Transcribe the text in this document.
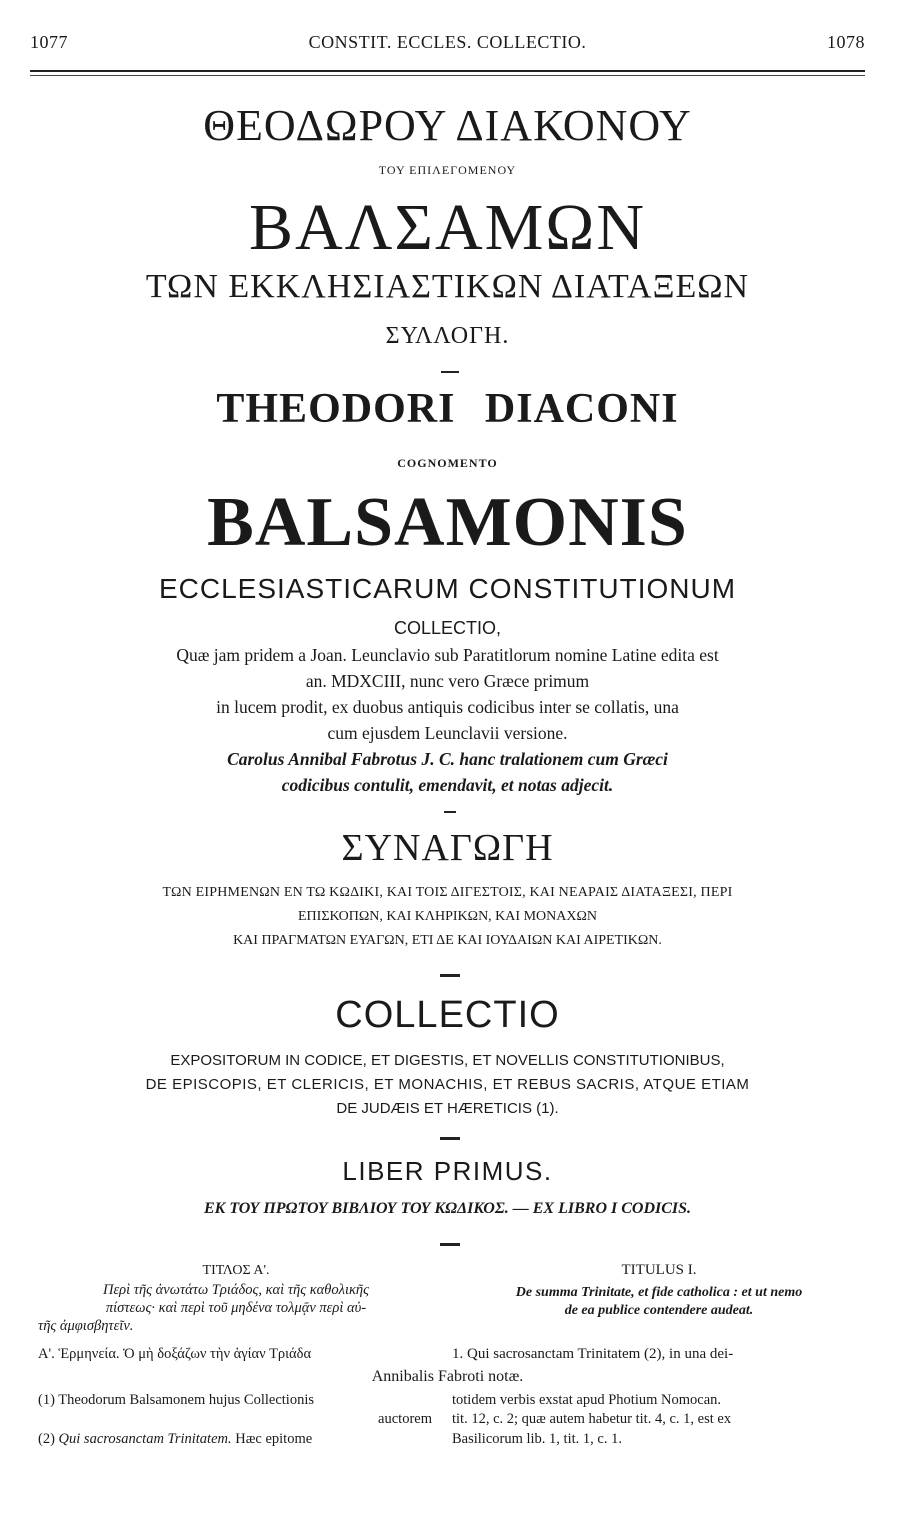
1077	CONSTIT. ECCLES. COLLECTIO.	1078
ΘΕΟΔΩΡΟΥ ΔΙΑΚΟΝΟΥ
ΤΟΥ ΕΠΙΛΕΓΟΜΕΝΟΥ
ΒΑΛΣΑΜΩΝ
ΤΩΝ ΕΚΚΛΗΣΙΑΣΤΙΚΩΝ ΔΙΑΤΑΞΕΩΝ
ΣΥΛΛΟΓΗ.
THEODORI DIACONI
COGNOMENTO
BALSAMONIS
ECCLESIASTICARUM CONSTITUTIONUM
COLLECTIO,
Quæ jam pridem a Joan. Leunclavio sub Paratitlorum nomine Latine edita est
an. MDXCIII, nunc vero Græce primum
in lucem prodit, ex duobus antiquis codicibus inter se collatis, una
cum ejusdem Leunclavii versione.
Carolus Annibal Fabrotus J. C. hanc tralationem cum Græci
codicibus contulit, emendavit, et notas adjecit.
ΣΥΝΑΓΩΓΗ
ΤΩΝ ΕΙΡΗΜΕΝΩΝ ΕΝ ΤΩ ΚΩΔΙΚΙ, ΚΑΙ ΤΟΙΣ ΔΙΓΕΣΤΟΙΣ, ΚΑΙ ΝΕΑΡΑΙΣ ΔΙΑΤΑΞΕΣΙ, ΠΕΡΙ
ΕΠΙΣΚΟΠΩΝ, ΚΑΙ ΚΛΗΡΙΚΩΝ, ΚΑΙ ΜΟΝΑΧΩΝ
ΚΑΙ ΠΡΑΓΜΑΤΩΝ ΕΥΑΓΩΝ, ΕΤΙ ΔΕ ΚΑΙ ΙΟΥΔΑΙΩΝ ΚΑΙ ΑΙΡΕΤΙΚΩΝ.
COLLECTIO
EXPOSITORUM IN CODICE, ET DIGESTIS, ET NOVELLIS CONSTITUTIONIBUS,
DE EPISCOPIS, ET CLERICIS, ET MONACHIS, ET REBUS SACRIS, ATQUE ETIAM
DE JUDÆIS ET HÆRETICIS (1).
LIBER PRIMUS.
ΕΚ ΤΟΥ ΠΡΩΤΟΥ ΒΙΒΛΙΟΥ ΤΟΥ ΚΩΔΙΚΟΣ. — EX LIBRO I CODICIS.
ΤΙΤΛΟΣ Α'.
Περὶ τῆς ἀνωτάτω Τριάδος, καὶ τῆς καθολικῆς
πίστεως· καὶ περὶ τοῦ μηδένα τολμᾷν περὶ αὐ-
τῆς ἀμφισβητεῖν.
Α'. Ἑρμηνεία. Ὁ μὴ δοξάζων τὴν ἁγίαν Τριάδα
TITULUS I.
De summa Trinitate, et fide catholica : et ut nemo
de ea publice contendere audeat.
1. Qui sacrosanctam Trinitatem (2), in una dei-
Annibalis Fabroti notæ.
(1) Theodorum Balsamonem hujus Collectionis
auctorem
(2) Qui sacrosanctam Trinitatem. Hæc epitome
totidem verbis exstat apud Photium Nomocan.
tit. 12, c. 2; quæ autem habetur tit. 4, c. 1, est ex
Basilicorum lib. 1, tit. 1, c. 1.
